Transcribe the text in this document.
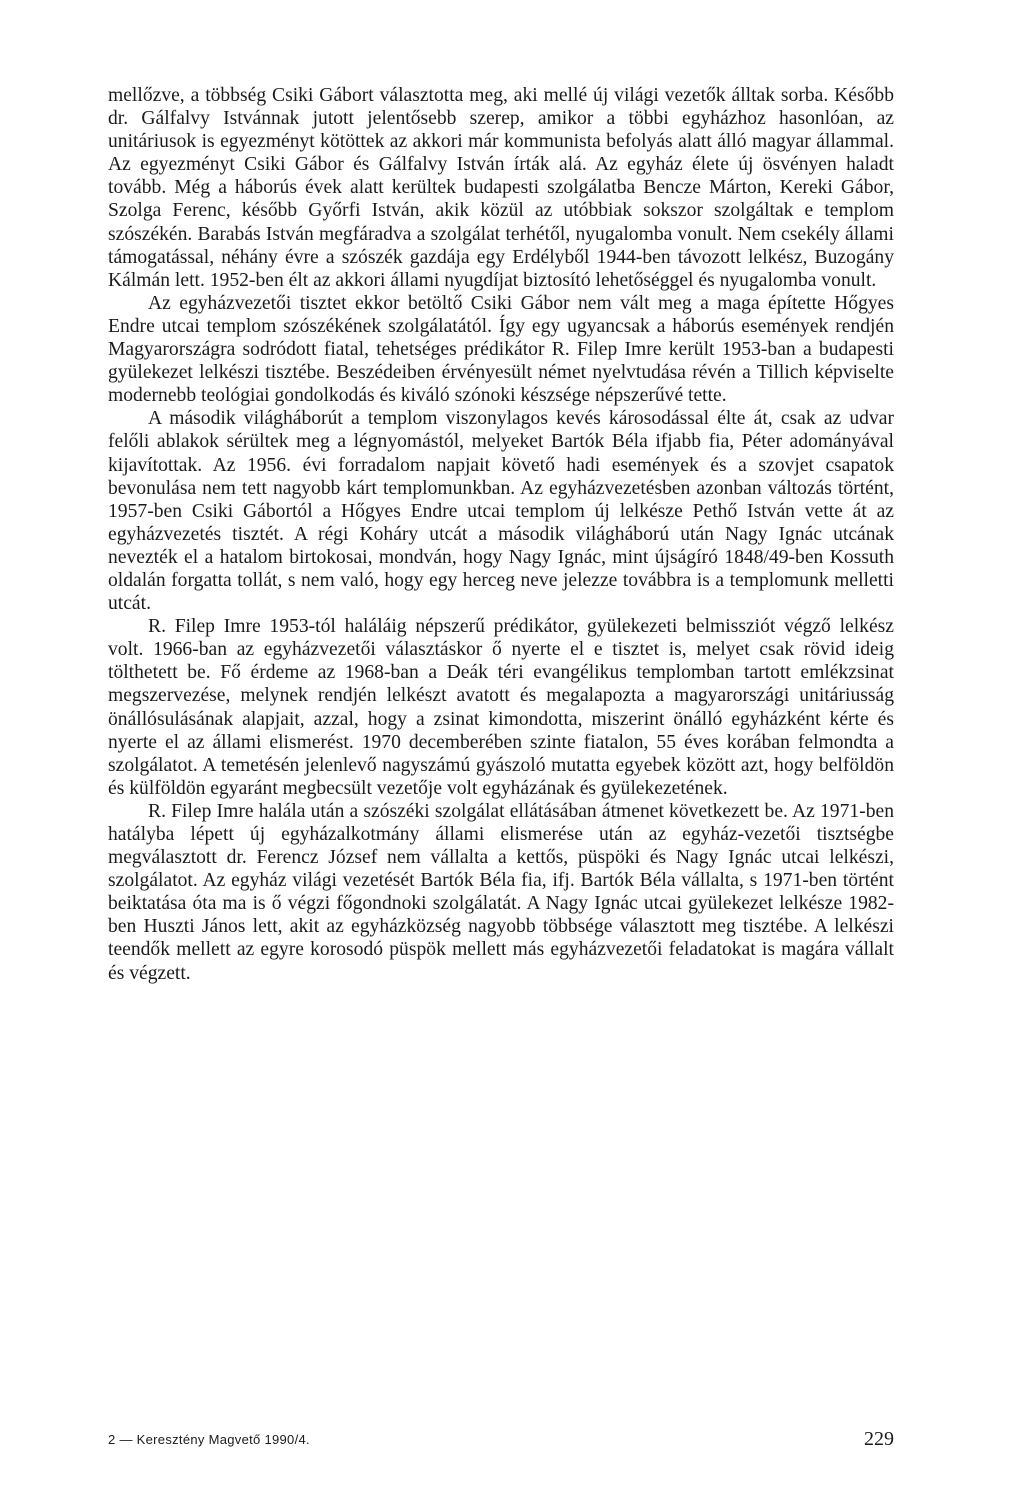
mellőzve, a többség Csiki Gábort választotta meg, aki mellé új világi vezetők álltak sorba. Később dr. Gálfalvy Istvánnak jutott jelentősebb szerep, amikor a többi egyházhoz hasonlóan, az unitáriusok is egyezményt kötöttek az akkori már kommunista befolyás alatt álló magyar állammal. Az egyezményt Csiki Gábor és Gálfalvy István írták alá. Az egyház élete új ösvényen haladt tovább. Még a háborús évek alatt kerültek budapesti szolgálatba Bencze Márton, Kereki Gábor, Szolga Ferenc, később Győrfi István, akik közül az utóbbiak sokszor szolgáltak e templom szószékén. Barabás István megfáradva a szolgálat terhétől, nyugalomba vonult. Nem csekély állami támogatással, néhány évre a szószék gazdája egy Erdélyből 1944-ben távozott lelkész, Buzogány Kálmán lett. 1952-ben élt az akkori állami nyugdíjat biztosító lehetőséggel és nyugalomba vonult.

Az egyházvezetői tisztet ekkor betöltő Csiki Gábor nem vált meg a maga építette Hőgyes Endre utcai templom szószékének szolgálatától. Így egy ugyancsak a háborús események rendjén Magyarországra sodródott fiatal, tehetséges prédikátor R. Filep Imre került 1953-ban a budapesti gyülekezet lelkészi tisztébe. Beszédeiben érvényesült német nyelvtudása révén a Tillich képviselte modernebb teológiai gondolkodás és kiváló szónoki készsége népszerűvé tette.

A második világháborút a templom viszonylagos kevés károsodással élte át, csak az udvar felőli ablakok sérültek meg a légnyomástól, melyeket Bartók Béla ifjabb fia, Péter adományával kijavítottak. Az 1956. évi forradalom napjait követő hadi események és a szovjet csapatok bevonulása nem tett nagyobb kárt templomunkban. Az egyházvezetésben azonban változás történt, 1957-ben Csiki Gábortól a Hőgyes Endre utcai templom új lelkésze Pethő István vette át az egyházvezetés tisztét. A régi Koháry utcát a második világháború után Nagy Ignác utcának nevezték el a hatalom birtokosai, mondván, hogy Nagy Ignác, mint újságíró 1848/49-ben Kossuth oldalán forgatta tollát, s nem való, hogy egy herceg neve jelezze továbbra is a templomunk melletti utcát.

R. Filep Imre 1953-tól haláláig népszerű prédikátor, gyülekezeti belmissziót végző lelkész volt. 1966-ban az egyházvezetői választáskor ő nyerte el e tisztet is, melyet csak rövid ideig tölthetett be. Fő érdeme az 1968-ban a Deák téri evangélikus templomban tartott emlékzsinat megszervezése, melynek rendjén lelkészt avatott és megalapozta a magyarországi unitáriusság önállósulásának alapjait, azzal, hogy a zsinat kimondotta, miszerint önálló egyházként kérte és nyerte el az állami elismerést. 1970 decemberében szinte fiatalon, 55 éves korában felmondta a szolgálatot. A temetésén jelenlevő nagyszámú gyászoló mutatta egyebek között azt, hogy belföldön és külföldön egyaránt megbecsült vezetője volt egyházának és gyülekezetének.

R. Filep Imre halála után a szószéki szolgálat ellátásában átmenet következett be. Az 1971-ben hatályba lépett új egyházalkotmány állami elismerése után az egyház-vezetői tisztségbe megválasztott dr. Ferencz József nem vállalta a kettős, püspöki és Nagy Ignác utcai lelkészi, szolgálatot. Az egyház világi vezetését Bartók Béla fia, ifj. Bartók Béla vállalta, s 1971-ben történt beiktatása óta ma is ő végzi főgondnoki szolgálatát. A Nagy Ignác utcai gyülekezet lelkésze 1982-ben Huszti János lett, akit az egyházközség nagyobb többsége választott meg tisztébe. A lelkészi teendők mellett az egyre korosodó püspök mellett más egyházvezetői feladatokat is magára vállalt és végzett.

2 — Keresztény Magvető 1990/4.	229
